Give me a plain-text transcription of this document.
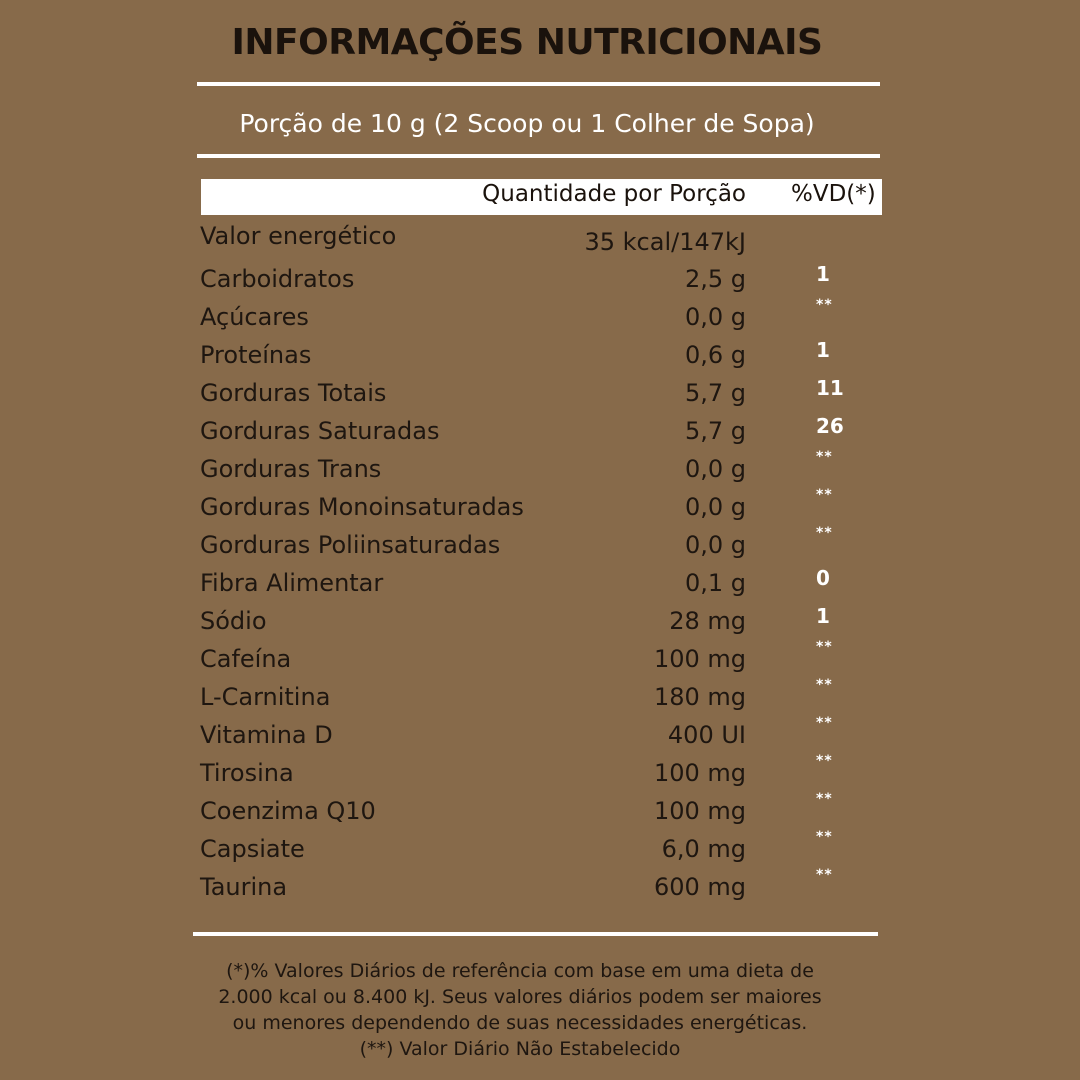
INFORMAÇÕES NUTRICIONAIS
Porção de 10 g (2 Scoop ou 1 Colher de Sopa)
Quantidade por Porção %VD(*)
Valor energético	35 kcal/147kJ
Carboidratos	2,5 g	1
Açúcares	0,0 g	**
Proteínas	0,6 g	1
Gorduras Totais	5,7 g	11
Gorduras Saturadas	5,7 g	26
Gorduras Trans	0,0 g	**
Gorduras Monoinsaturadas	0,0 g	**
Gorduras Poliinsaturadas	0,0 g	**
Fibra Alimentar	0,1 g	0
Sódio	28 mg	1
Cafeína	100 mg	**
L-Carnitina	180 mg	**
Vitamina D	400 UI	**
Tirosina	100 mg	**
Coenzima Q10	100 mg	**
Capsiate	6,0 mg	**
Taurina	600 mg	**
(*)% Valores Diários de referência com base em uma dieta de
2.000 kcal ou 8.400 kJ. Seus valores diários podem ser maiores
ou menores dependendo de suas necessidades energéticas.
(**) Valor Diário Não Estabelecido
